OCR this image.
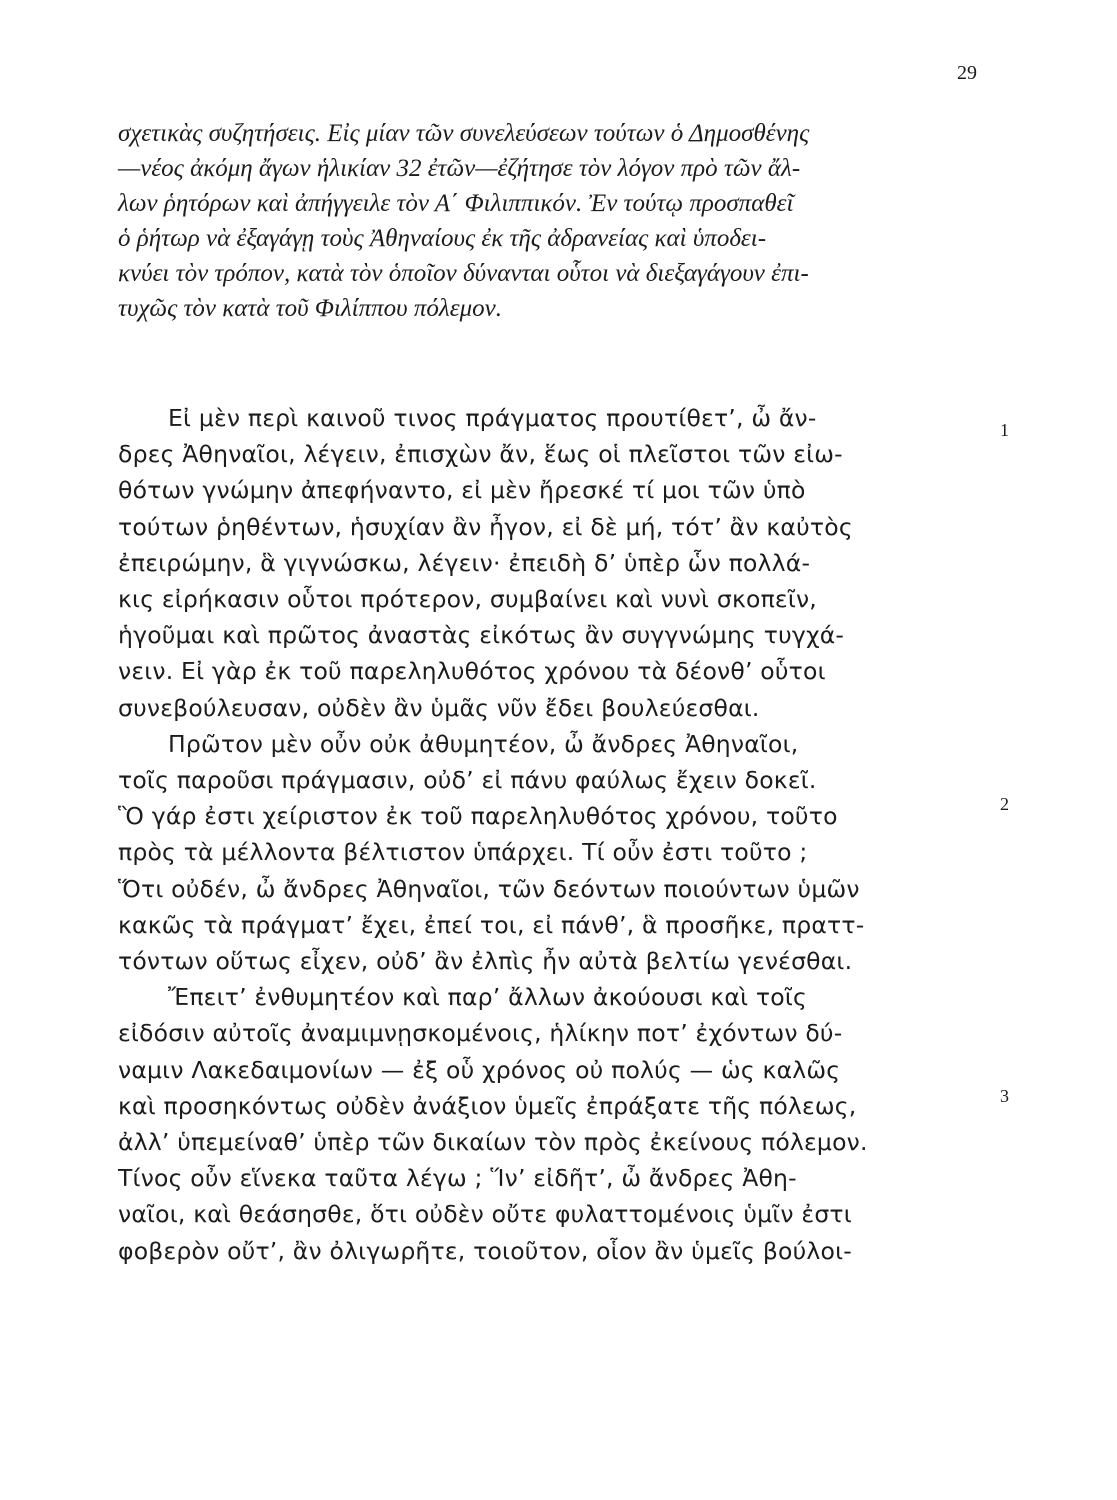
29
σχετικὰς συζητήσεις. Εἰς μίαν τῶν συνελεύσεων τούτων ὁ Δημοσθένης
—νέος ἀκόμη ἄγων ἡλικίαν 32 ἐτῶν—ἐζήτησε τὸν λόγον πρὸ τῶν ἄλ-
λων ῥητόρων καὶ ἀπήγγειλε τὸν Α΄ Φιλιππικόν. Ἐν τούτῳ προσπαθεῖ
ὁ ῥήτωρ νὰ ἐξαγάγῃ τοὺς Ἀθηναίους ἐκ τῆς ἀδρανείας καὶ ὑποδει-
κνύει τὸν τρόπον, κατὰ τὸν ὁποῖον δύνανται οὗτοι νὰ διεξαγάγουν ἐπι-
τυχῶς τὸν κατὰ τοῦ Φιλίππου πόλεμον.
Εἰ μὲν περὶ καινοῦ τινος πράγματος προυτίθετ’, ὦ ἄν-
δρες Ἀθηναῖοι, λέγειν, ἐπισχὼν ἄν, ἕως οἱ πλεῖστοι τῶν εἰω-
θότων γνώμην ἀπεφήναντο, εἰ μὲν ἤρεσκέ τί μοι τῶν ὑπὸ
τούτων ῥηθέντων, ἡσυχίαν ἂν ἦγον, εἰ δὲ μή, τότ’ ἂν καὐτὸς
ἐπειρώμην, ἃ γιγνώσκω, λέγειν· ἐπειδὴ δ’ ὑπὲρ ὧν πολλά-
κις εἰρήκασιν οὗτοι πρότερον, συμβαίνει καὶ νυνὶ σκοπεῖν,
ἡγοῦμαι καὶ πρῶτος ἀναστὰς εἰκότως ἂν συγγνώμης τυγχά-
νειν. Εἰ γὰρ ἐκ τοῦ παρεληλυθότος χρόνου τὰ δέονθ’ οὗτοι
συνεβούλευσαν, οὐδὲν ἂν ὑμᾶς νῦν ἔδει βουλεύεσθαι.
Πρῶτον μὲν οὖν οὐκ ἀθυμητέον, ὦ ἄνδρες Ἀθηναῖοι,
τοῖς παροῦσι πράγμασιν, οὐδ’ εἰ πάνυ φαύλως ἔχειν δοκεῖ.
Ὃ γάρ ἐστι χείριστον ἐκ τοῦ παρεληλυθότος χρόνου, τοῦτο
πρὸς τὰ μέλλοντα βέλτιστον ὑπάρχει. Τί οὖν ἐστι τοῦτο ;
Ὅτι οὐδέν, ὦ ἄνδρες Ἀθηναῖοι, τῶν δεόντων ποιούντων ὑμῶν
κακῶς τὰ πράγματ’ ἔχει, ἐπεί τοι, εἰ πάνθ’, ἃ προσῆκε, πραττ-
τόντων οὕτως εἶχεν, οὐδ’ ἂν ἐλπὶς ἦν αὐτὰ βελτίω γενέσθαι.
Ἔπειτ’ ἐνθυμητέον καὶ παρ’ ἄλλων ἀκούουσι καὶ τοῖς
εἰδόσιν αὐτοῖς ἀναμιμνῃσκομένοις, ἡλίκην ποτ’ ἐχόντων δύ-
ναμιν Λακεδαιμονίων — ἐξ οὗ χρόνος οὐ πολύς — ὡς καλῶς
καὶ προσηκόντως οὐδὲν ἀνάξιον ὑμεῖς ἐπράξατε τῆς πόλεως,
ἀλλ’ ὑπεμείναθ’ ὑπὲρ τῶν δικαίων τὸν πρὸς ἐκείνους πόλεμον.
Τίνος οὖν εἵνεκα ταῦτα λέγω ; Ἵν’ εἰδῆτ’, ὦ ἄνδρες Ἀθη-
ναῖοι, καὶ θεάσησθε, ὅτι οὐδὲν οὔτε φυλαττομένοις ὑμῖν ἐστι
φοβερὸν οὔτ’, ἂν ὀλιγωρῆτε, τοιοῦτον, οἷον ἂν ὑμεῖς βούλοι-
1
2
3
